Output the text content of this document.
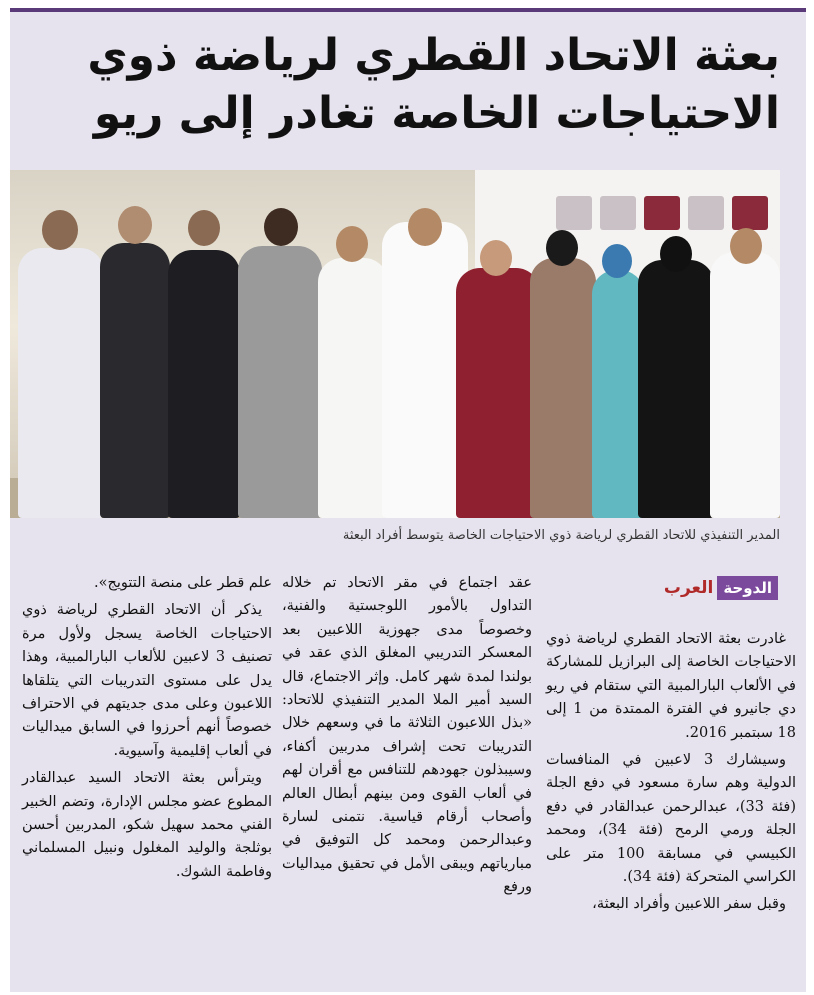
بعثة الاتحاد القطري لرياضة ذوي
الاحتياجات الخاصة تغادر إلى ريو
المدير التنفيذي للاتحاد القطري لرياضة ذوي الاحتياجات الخاصة يتوسط أفراد البعثة
الدوحة
العرب

غادرت بعثة الاتحاد القطري لرياضة ذوي الاحتياجات الخاصة إلى البرازيل للمشاركة في الألعاب البارالمبية التي ستقام في ريو دي جانيرو في الفترة الممتدة من 1 إلى 18 سبتمبر 2016.

وسيشارك 3 لاعبين في المنافسات الدولية وهم سارة مسعود في دفع الجلة (فئة 33)، عبدالرحمن عبدالقادر في دفع الجلة ورمي الرمح (فئة 34)، ومحمد الكبيسي في مسابقة 100 متر على الكراسي المتحركة (فئة 34).

وقبل سفر اللاعبين وأفراد البعثة،

عقد اجتماع في مقر الاتحاد تم خلاله التداول بالأمور اللوجستية والفنية، وخصوصاً مدى جهوزية اللاعبين بعد المعسكر التدريبي المغلق الذي عقد في بولندا لمدة شهر كامل. وإثر الاجتماع، قال السيد أمير الملا المدير التنفيذي للاتحاد: «بذل اللاعبون الثلاثة ما في وسعهم خلال التدريبات تحت إشراف مدربين أكفاء، وسيبذلون جهودهم للتنافس مع أقران لهم في ألعاب القوى ومن بينهم أبطال العالم وأصحاب أرقام قياسية. نتمنى لسارة وعبدالرحمن ومحمد كل التوفيق في مبارياتهم ويبقى الأمل في تحقيق ميداليات ورفع

علم قطر على منصة التتويج».

يذكر أن الاتحاد القطري لرياضة ذوي الاحتياجات الخاصة يسجل ولأول مرة تصنيف 3 لاعبين للألعاب البارالمبية، وهذا يدل على مستوى التدريبات التي يتلقاها اللاعبون وعلى مدى جديتهم في الاحتراف خصوصاً أنهم أحرزوا في السابق ميداليات في ألعاب إقليمية وآسيوية.

ويترأس بعثة الاتحاد السيد عبدالقادر المطوع عضو مجلس الإدارة، وتضم الخبير الفني محمد سهيل شكو، المدربين أحسن بوثلجة والوليد المغلول ونبيل المسلماني وفاطمة الشوك.
